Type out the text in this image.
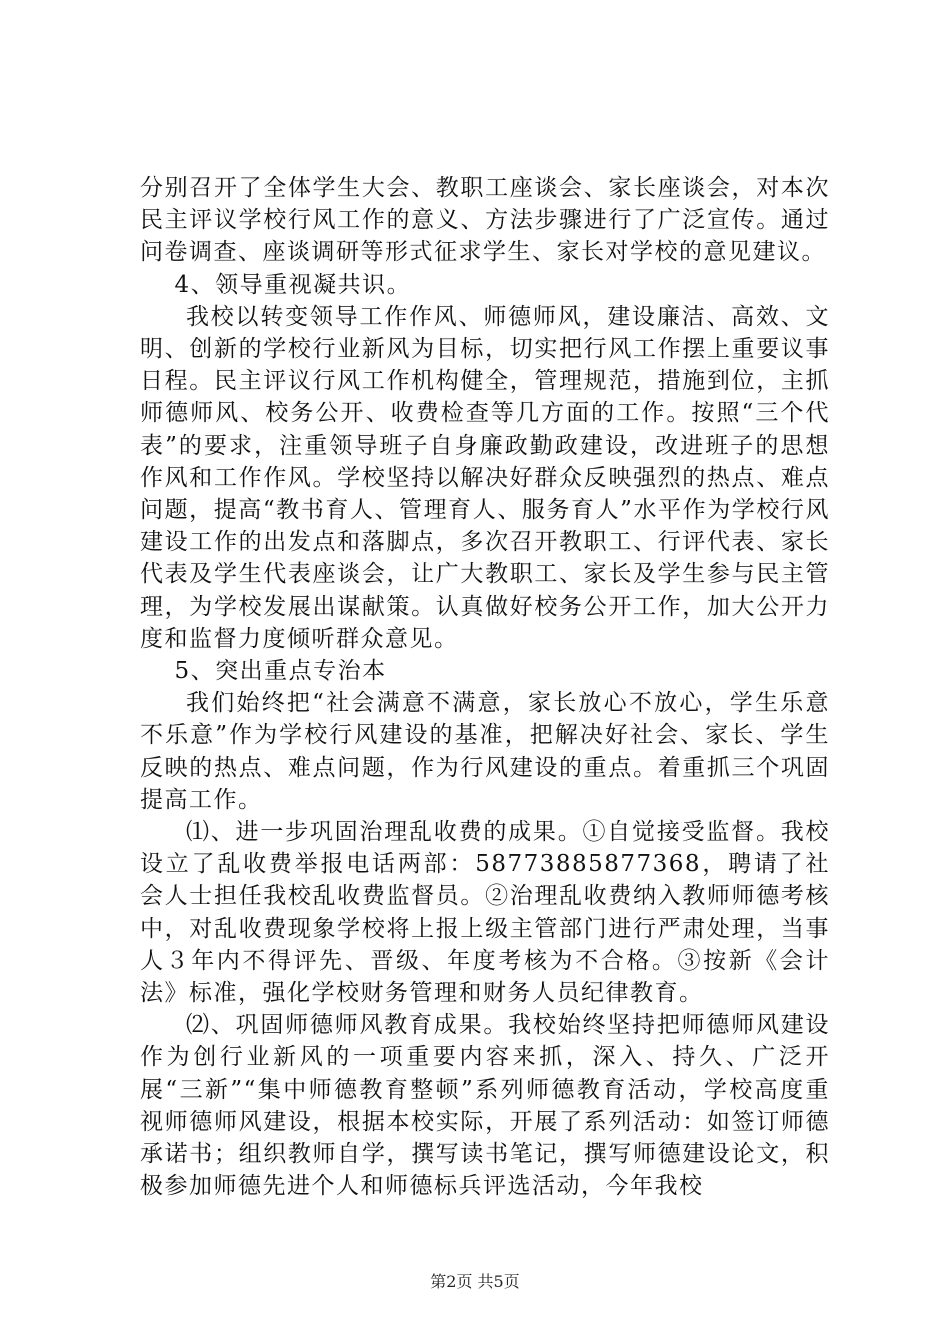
分别召开了全体学生大会、教职工座谈会、家长座谈会，对本次民主评议学校行风工作的意义、方法步骤进行了广泛宣传。通过问卷调查、座谈调研等形式征求学生、家长对学校的意见建议。

4、领导重视凝共识。

我校以转变领导工作作风、师德师风，建设廉洁、高效、文明、创新的学校行业新风为目标，切实把行风工作摆上重要议事日程。民主评议行风工作机构健全，管理规范，措施到位，主抓师德师风、校务公开、收费检查等几方面的工作。按照“三个代表”的要求，注重领导班子自身廉政勤政建设，改进班子的思想作风和工作作风。学校坚持以解决好群众反映强烈的热点、难点问题，提高“教书育人、管理育人、服务育人”水平作为学校行风建设工作的出发点和落脚点，多次召开教职工、行评代表、家长代表及学生代表座谈会，让广大教职工、家长及学生参与民主管理，为学校发展出谋献策。认真做好校务公开工作，加大公开力度和监督力度倾听群众意见。

5、突出重点专治本

我们始终把“社会满意不满意，家长放心不放心，学生乐意不乐意”作为学校行风建设的基准，把解决好社会、家长、学生反映的热点、难点问题，作为行风建设的重点。着重抓三个巩固提高工作。

⑴、进一步巩固治理乱收费的成果。①自觉接受监督。我校设立了乱收费举报电话两部：58773885877368，聘请了社会人士担任我校乱收费监督员。②治理乱收费纳入教师师德考核中，对乱收费现象学校将上报上级主管部门进行严肃处理，当事人３年内不得评先、晋级、年度考核为不合格。③按新《会计法》标准，强化学校财务管理和财务人员纪律教育。

⑵、巩固师德师风教育成果。我校始终坚持把师德师风建设作为创行业新风的一项重要内容来抓，深入、持久、广泛开展“三新”“集中师德教育整顿”系列师德教育活动，学校高度重视师德师风建设，根据本校实际，开展了系列活动：如签订师德承诺书；组织教师自学，撰写读书笔记，撰写师德建设论文，积极参加师德先进个人和师德标兵评选活动，今年我校

第2页 共5页
